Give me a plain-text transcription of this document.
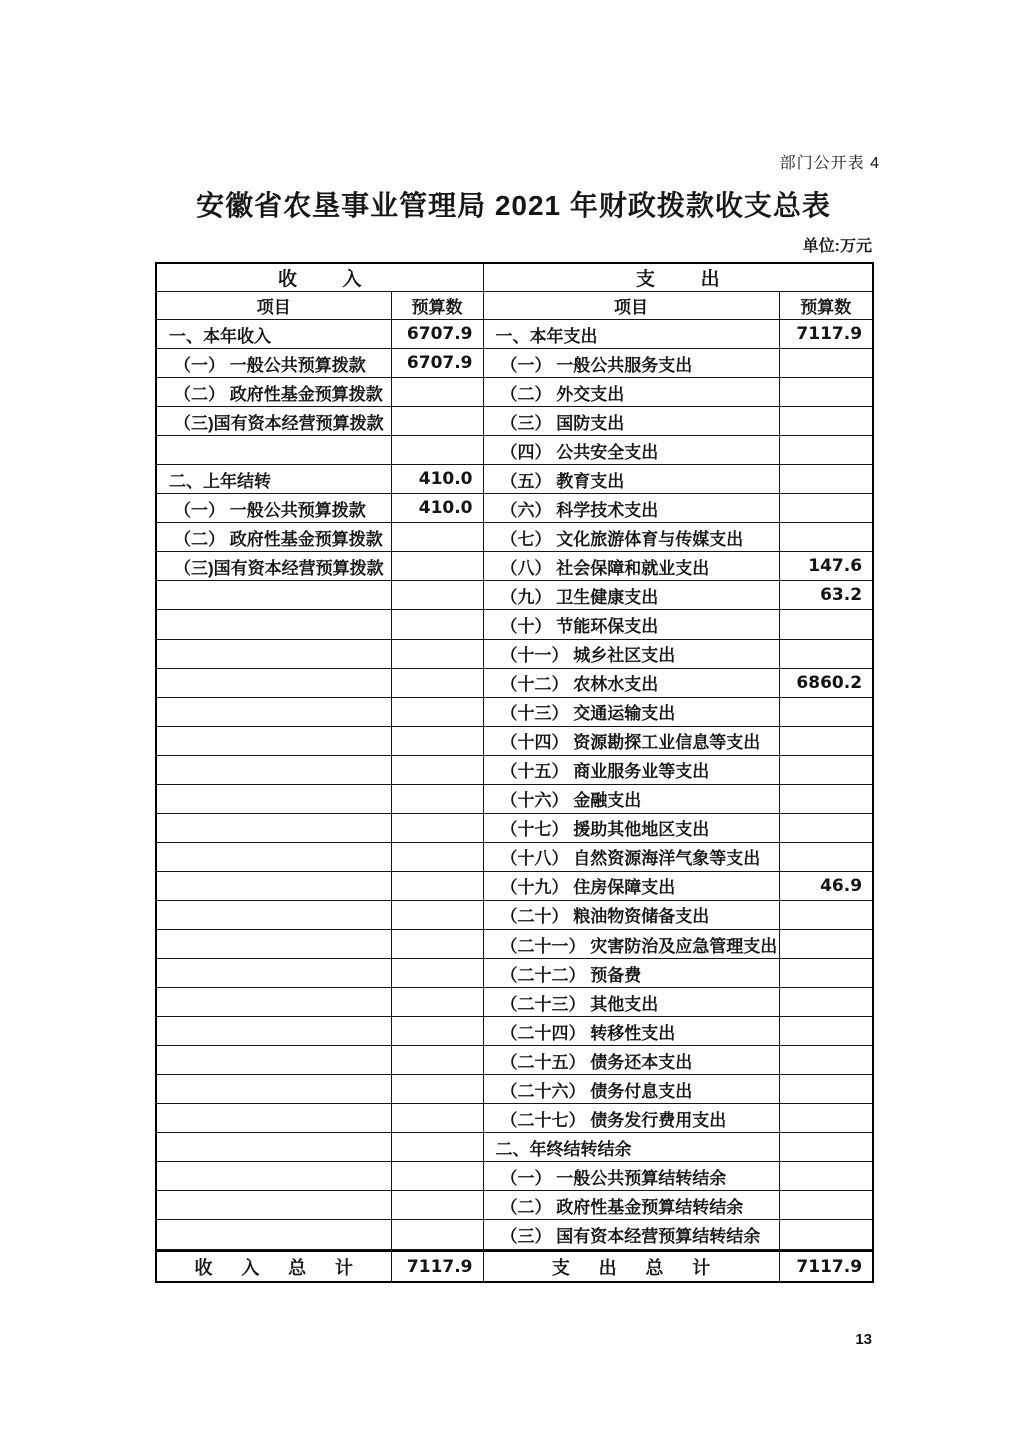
部门公开表 4
安徽省农垦事业管理局 2021 年财政拨款收支总表
单位:万元
收入		支出	
项目	预算数	项目	预算数
一、本年收入	6707.9	一、本年支出	7117.9
（一） 一般公共预算拨款	6707.9	（一） 一般公共服务支出	
（二） 政府性基金预算拨款		（二） 外交支出	
（三)国有资本经营预算拨款		（三） 国防支出	
		（四） 公共安全支出	
二、上年结转	410.0	（五） 教育支出	
（一） 一般公共预算拨款	410.0	（六） 科学技术支出	
（二） 政府性基金预算拨款		（七） 文化旅游体育与传媒支出	
（三)国有资本经营预算拨款		（八） 社会保障和就业支出	147.6
		（九） 卫生健康支出	63.2
		（十） 节能环保支出	
		（十一） 城乡社区支出	
		（十二） 农林水支出	6860.2
		（十三） 交通运输支出	
		（十四） 资源勘探工业信息等支出	
		（十五） 商业服务业等支出	
		（十六） 金融支出	
		（十七） 援助其他地区支出	
		（十八） 自然资源海洋气象等支出	
		（十九） 住房保障支出	46.9
		（二十） 粮油物资储备支出	
		（二十一） 灾害防治及应急管理支出	
		（二十二） 预备费	
		（二十三） 其他支出	
		（二十四） 转移性支出	
		（二十五） 债务还本支出	
		（二十六） 债务付息支出	
		（二十七） 债务发行费用支出	
		二、年终结转结余	
		（一） 一般公共预算结转结余	
		（二） 政府性基金预算结转结余	
		（三） 国有资本经营预算结转结余	

收入总计	7117.9	支出总计	7117.9
13
